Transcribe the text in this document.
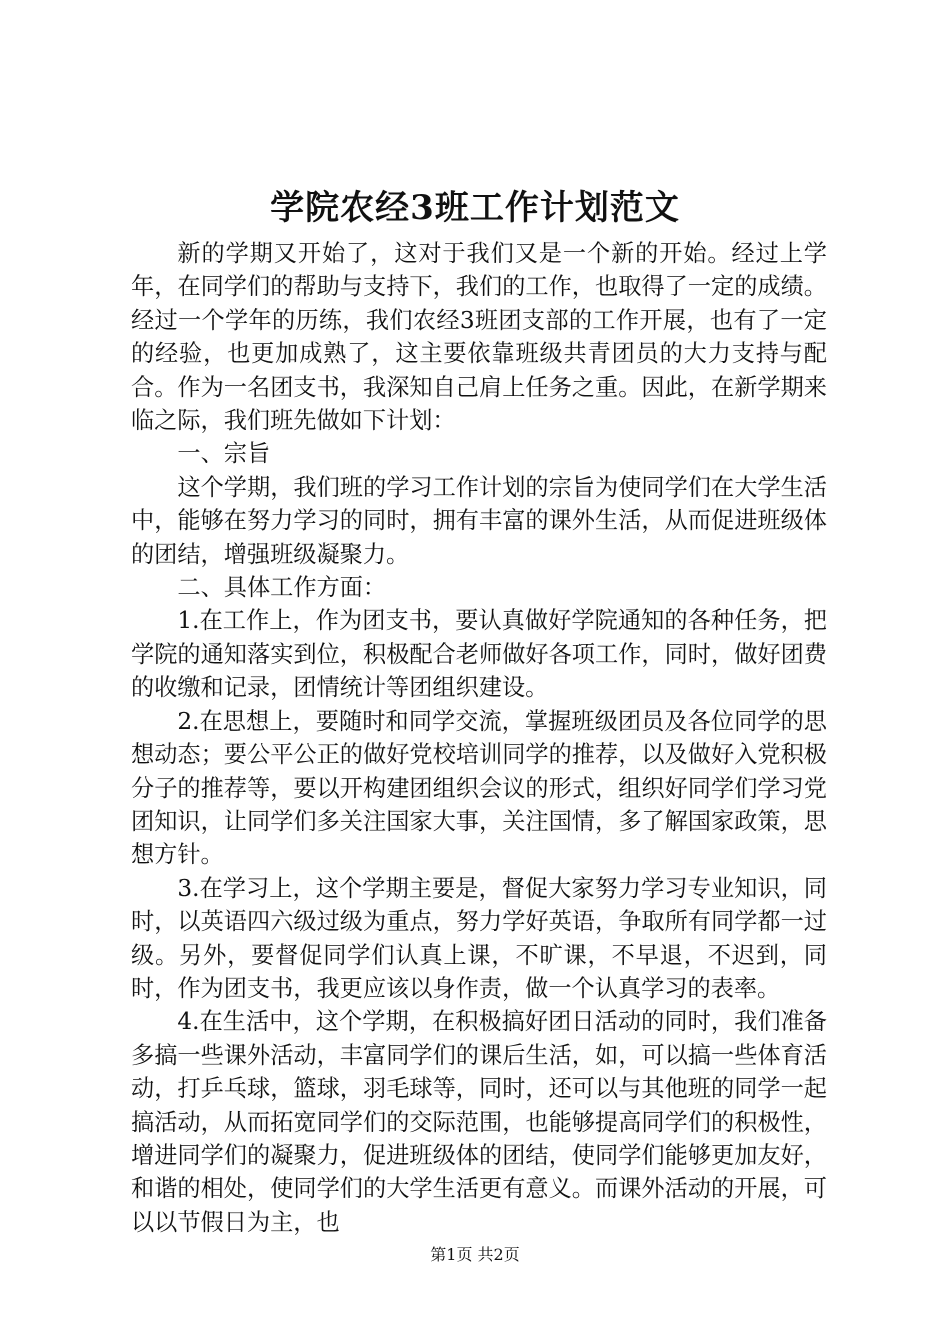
学院农经3班工作计划范文

新的学期又开始了，这对于我们又是一个新的开始。经过上学年，在同学们的帮助与支持下，我们的工作，也取得了一定的成绩。经过一个学年的历练，我们农经3班团支部的工作开展，也有了一定的经验，也更加成熟了，这主要依靠班级共青团员的大力支持与配合。作为一名团支书，我深知自己肩上任务之重。因此，在新学期来临之际，我们班先做如下计划：

一、宗旨

这个学期，我们班的学习工作计划的宗旨为使同学们在大学生活中，能够在努力学习的同时，拥有丰富的课外生活，从而促进班级体的团结，增强班级凝聚力。

二、具体工作方面：

1.在工作上，作为团支书，要认真做好学院通知的各种任务，把学院的通知落实到位，积极配合老师做好各项工作，同时，做好团费的收缴和记录，团情统计等团组织建设。

2.在思想上，要随时和同学交流，掌握班级团员及各位同学的思想动态；要公平公正的做好党校培训同学的推荐，以及做好入党积极分子的推荐等，要以开构建团组织会议的形式，组织好同学们学习党团知识，让同学们多关注国家大事，关注国情，多了解国家政策，思想方针。

3.在学习上，这个学期主要是，督促大家努力学习专业知识，同时，以英语四六级过级为重点，努力学好英语，争取所有同学都一过级。另外，要督促同学们认真上课，不旷课，不早退，不迟到，同时，作为团支书，我更应该以身作责，做一个认真学习的表率。

4.在生活中，这个学期，在积极搞好团日活动的同时，我们准备多搞一些课外活动，丰富同学们的课后生活，如，可以搞一些体育活动，打乒乓球，篮球，羽毛球等，同时，还可以与其他班的同学一起搞活动，从而拓宽同学们的交际范围，也能够提高同学们的积极性，增进同学们的凝聚力，促进班级体的团结，使同学们能够更加友好，和谐的相处，使同学们的大学生活更有意义。而课外活动的开展，可以以节假日为主，也

第1页 共2页
